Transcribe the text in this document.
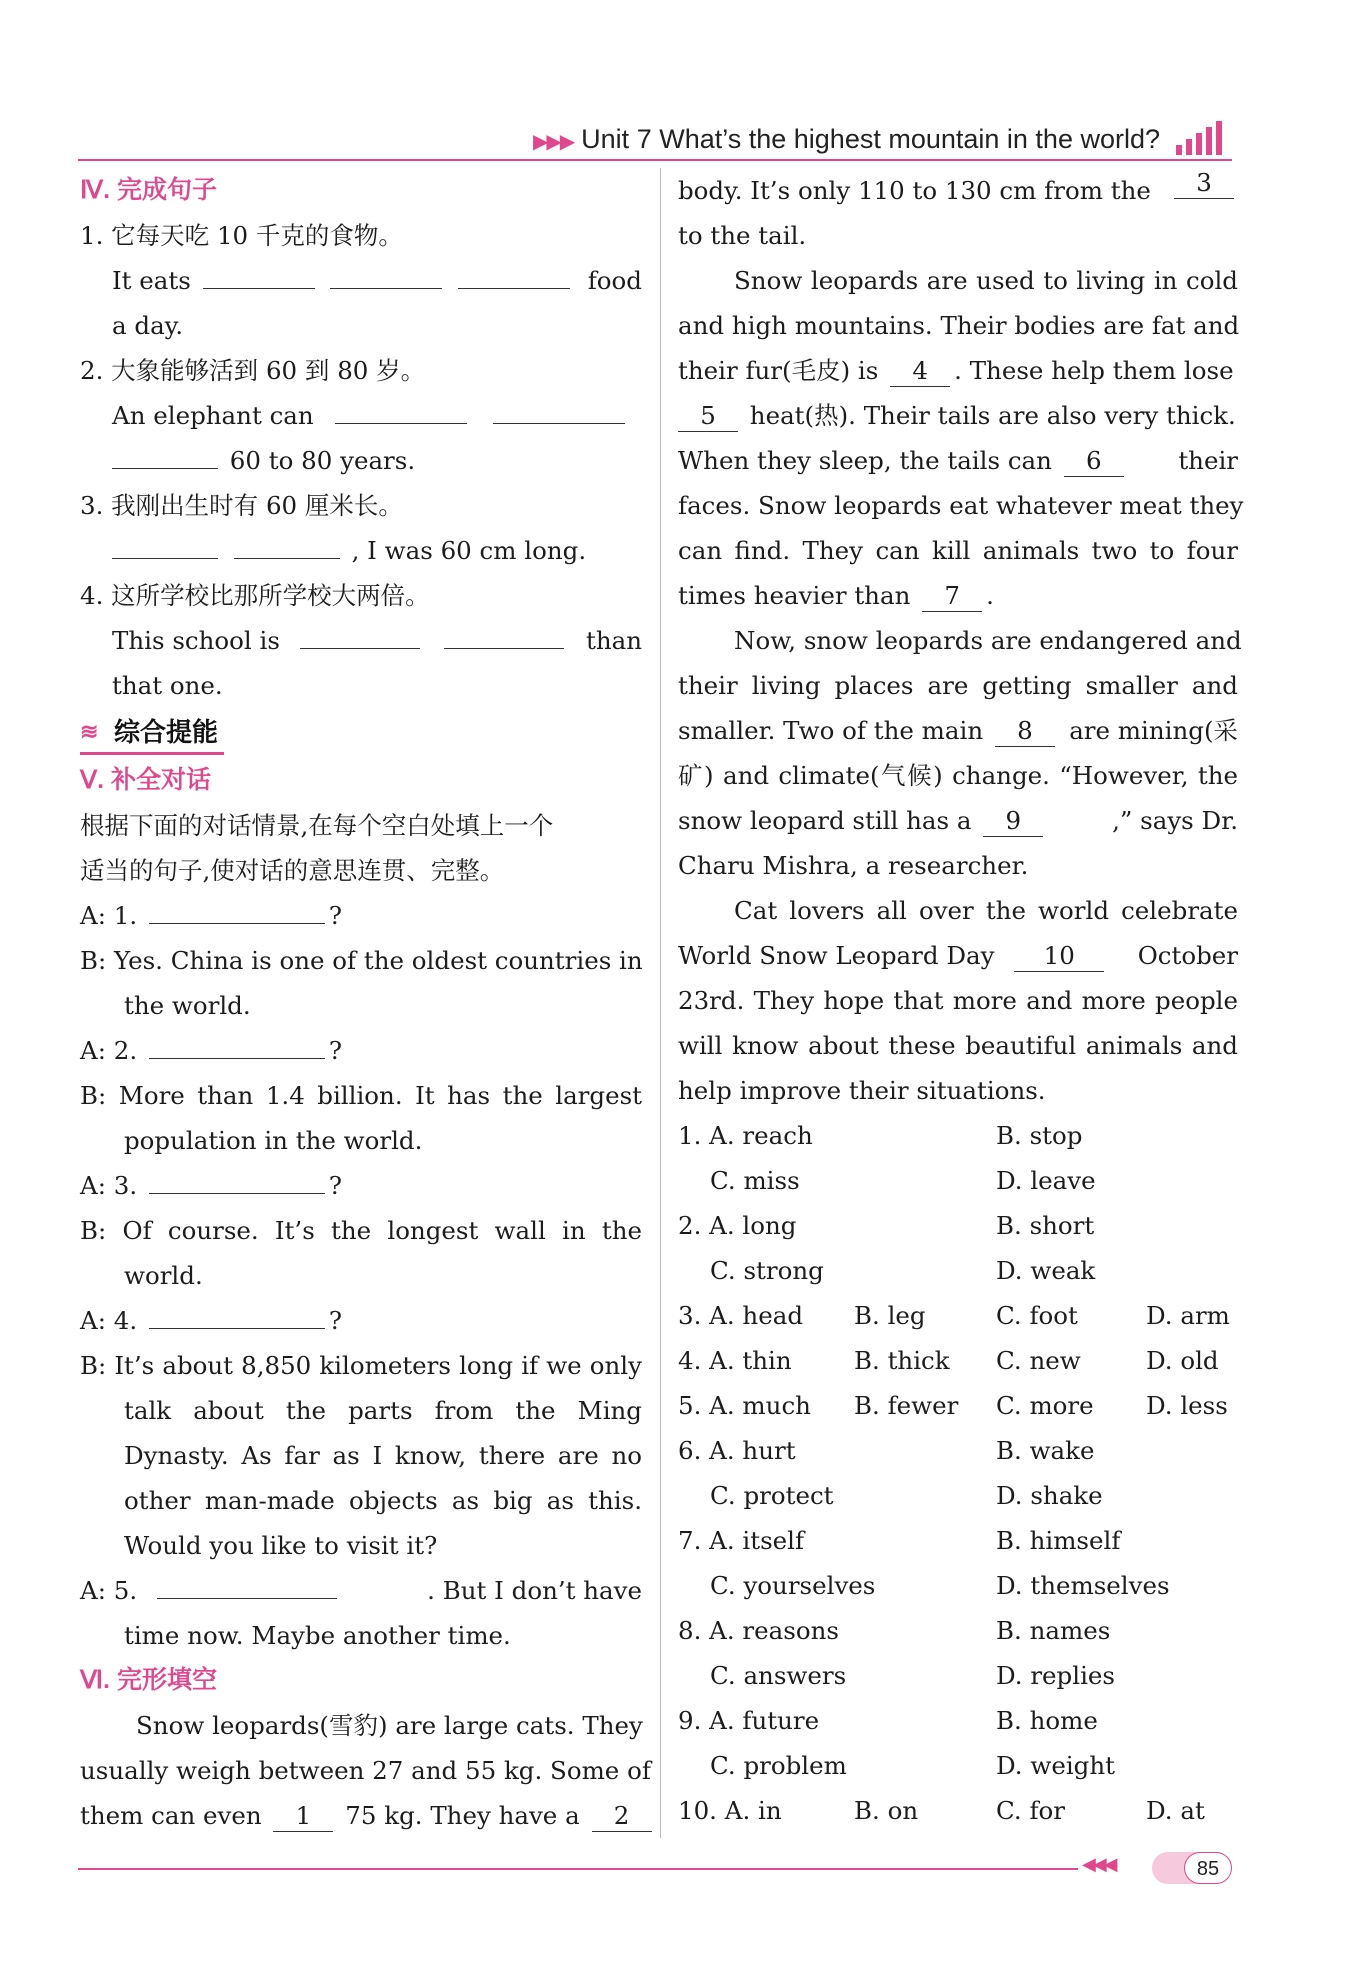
▶▶▶ Unit 7 What’s the highest mountain in the world?
Ⅳ. 完成句子
1. 它每天吃 10 千克的食物。
It eats	food
a day.
2. 大象能够活到 60 到 80 岁。
An elephant can
60 to 80 years.
3. 我刚出生时有 60 厘米长。
, I was 60 cm long.
4. 这所学校比那所学校大两倍。
This school is	than
that one.
≋ 综合提能
Ⅴ. 补全对话
根据下面的对话情景,在每个空白处填上一个
适当的句子,使对话的意思连贯、完整。
A: 1.	?
B: Yes. China is one of the oldest countries in
the world.
A: 2.	?
B: More than 1.4 billion. It has the largest
population in the world.
A: 3.	?
B: Of course. It’s the longest wall in the
world.
A: 4.	?
B: It’s about 8,850 kilometers long if we only
talk about the parts from the Ming
Dynasty. As far as I know, there are no
other man-made objects as big as this.
Would you like to visit it?
A: 5.	. But I don’t have
time now. Maybe another time.
Ⅵ. 完形填空
Snow leopards(雪豹) are large cats. They
usually weigh between 27 and 55 kg. Some of
them can even 1 75 kg. They have a 2
body. It’s only 110 to 130 cm from the	3
to the tail.
Snow leopards are used to living in cold
and high mountains. Their bodies are fat and
their fur(毛皮) is 4 . These help them lose
5 heat(热). Their tails are also very thick.
When they sleep, the tails can 6	their
faces. Snow leopards eat whatever meat they
can find. They can kill animals two to four
times heavier than 7 .
Now, snow leopards are endangered and
their living places are getting smaller and
smaller. Two of the main 8 are mining(采
矿) and climate(气候) change. “However, the
snow leopard still has a 9	,” says Dr.
Charu Mishra, a researcher.
Cat lovers all over the world celebrate
World Snow Leopard Day 10	October
23rd. They hope that more and more people
will know about these beautiful animals and
help improve their situations.
1. A. reach	B. stop
C. miss	D. leave
2. A. long	B. short
C. strong	D. weak
3. A. head B. leg	C. foot	D. arm
4. A. thin	B. thick C. new	D. old
5. A. much B. fewer C. more D. less
6. A. hurt	B. wake
C. protect	D. shake
7. A. itself	B. himself
C. yourselves	D. themselves
8. A. reasons	B. names
C. answers	D. replies
9. A. future	B. home
C. problem	D. weight
10. A. in	B. on	C. for	D. at
◀◀◀	85
